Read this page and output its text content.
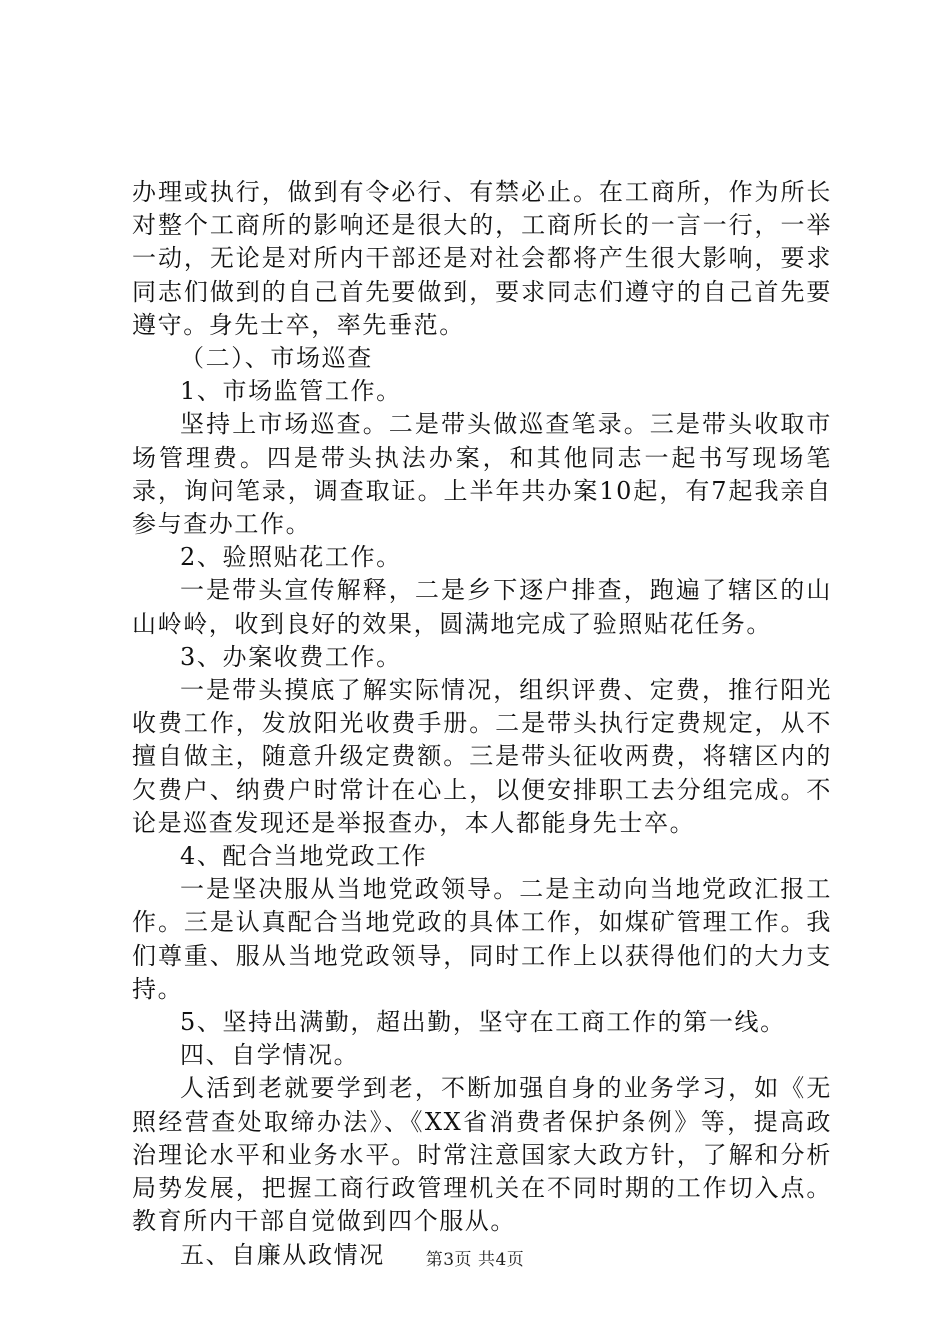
办理或执行，做到有令必行、有禁必止。在工商所，作为所长对整个工商所的影响还是很大的，工商所长的一言一行，一举一动，无论是对所内干部还是对社会都将产生很大影响，要求同志们做到的自己首先要做到，要求同志们遵守的自己首先要遵守。身先士卒，率先垂范。

（二）、市场巡查

1、市场监管工作。

坚持上市场巡查。二是带头做巡查笔录。三是带头收取市场管理费。四是带头执法办案，和其他同志一起书写现场笔录，询问笔录，调查取证。上半年共办案10起，有7起我亲自参与查办工作。

2、验照贴花工作。

一是带头宣传解释，二是乡下逐户排查，跑遍了辖区的山山岭岭，收到良好的效果，圆满地完成了验照贴花任务。

3、办案收费工作。

一是带头摸底了解实际情况，组织评费、定费，推行阳光收费工作，发放阳光收费手册。二是带头执行定费规定，从不擅自做主，随意升级定费额。三是带头征收两费，将辖区内的欠费户、纳费户时常计在心上，以便安排职工去分组完成。不论是巡查发现还是举报查办，本人都能身先士卒。

4、配合当地党政工作

一是坚决服从当地党政领导。二是主动向当地党政汇报工作。三是认真配合当地党政的具体工作，如煤矿管理工作。我们尊重、服从当地党政领导，同时工作上以获得他们的大力支持。

5、坚持出满勤，超出勤，坚守在工商工作的第一线。

四、自学情况。

人活到老就要学到老，不断加强自身的业务学习，如《无照经营查处取缔办法》、《XX省消费者保护条例》等，提高政治理论水平和业务水平。时常注意国家大政方针，了解和分析局势发展，把握工商行政管理机关在不同时期的工作切入点。教育所内干部自觉做到四个服从。

五、自廉从政情况	第3页 共4页
